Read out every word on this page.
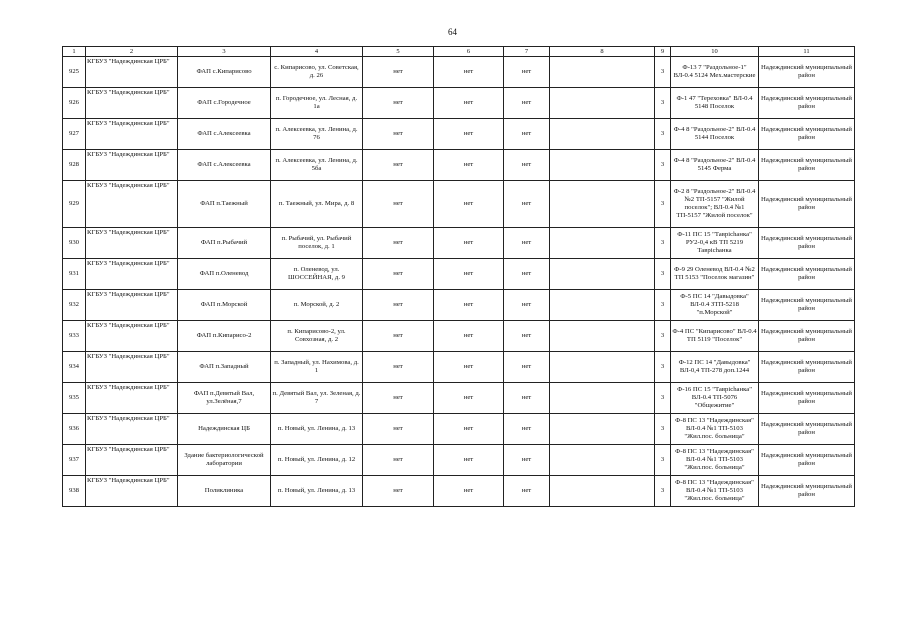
64
1	2	3	4	5	6	7	8	9	10	11
925	КГБУЗ "Надеждинская ЦРБ"	ФАП с.Кипарисово	с. Кипарисово, ул. Советская, д. 26	нет	нет	нет		3	Ф-13 7 "Раздольное-1" ВЛ-0.4 5124 Мех.мастерские	Надеждинский муниципальный район
926	КГБУЗ "Надеждинская ЦРБ"	ФАП с.Городечное	п. Городечное, ул. Лесная, д. 1а	нет	нет	нет		3	Ф-1 47 "Тереховка" ВЛ-0.4 5148 Поселок	Надеждинский муниципальный район
927	КГБУЗ "Надеждинская ЦРБ"	ФАП с.Алексеевка	п. Алексеевка, ул. Ленина, д. 76	нет	нет	нет		3	Ф-4 8 "Раздольное-2" ВЛ-0.4 5144 Поселок	Надеждинский муниципальный район
928	КГБУЗ "Надеждинская ЦРБ"	ФАП с.Алексеевка	п. Алексеевка, ул. Ленина, д. 5ба	нет	нет	нет		3	Ф-4 8 "Раздольное-2" ВЛ-0.4 5145 Ферма	Надеждинский муниципальный район
929	КГБУЗ "Надеждинская ЦРБ"	ФАП п.Таежный	п. Таежный, ул. Мира, д. 8	нет	нет	нет		3	Ф-2 8 "Раздольное-2" ВЛ-0.4 №2 ТП-5157 "Жилой поселок"; ВЛ-0.4 №1 ТП-5157 "Жилой поселок"	Надеждинский муниципальный район
930	КГБУЗ "Надеждинская ЦРБ"	ФАП п.Рыбачий	п. Рыбачий, ул. Рыбачий поселок, д. 1	нет	нет	нет		3	Ф-11 ПС 15 "Таврichанка" РУ2-0,4 кВ ТП 5219 Таврichанка	Надеждинский муниципальный район
931	КГБУЗ "Надеждинская ЦРБ"	ФАП п.Оленевод	п. Оленевод, ул. ШОССЕЙНАЯ, д. 9	нет	нет	нет		3	Ф-9 29 Оленевод ВЛ-0.4 №2 ТП 5153 "Поселок магазин"	Надеждинский муниципальный район
932	КГБУЗ "Надеждинская ЦРБ"	ФАП п.Морской	п. Морской, д. 2	нет	нет	нет		3	Ф-5 ПС 14 "Давыдовка" ВЛ-0.4 ЗТП-5218 "п.Морской"	Надеждинский муниципальный район
933	КГБУЗ "Надеждинская ЦРБ"	ФАП п.Кипарисо-2	п. Кипарисово-2, ул. Совхозная, д. 2	нет	нет	нет		3	Ф-4 ПС "Кипарисово" ВЛ-0.4 ТП 5119 "Поселок"	Надеждинский муниципальный район
934	КГБУЗ "Надеждинская ЦРБ"	ФАП п.Западный	п. Западный, ул. Нахимова, д. 1	нет	нет	нет		3	Ф-12 ПС 14 "Давыдовка" ВЛ-0,4 ТП-278 доп.1244	Надеждинский муниципальный район
935	КГБУЗ "Надеждинская ЦРБ"	ФАП п.Девятый Вал, ул.Зелёная,7	п. Девятый Вал, ул. Зеленая, д. 7	нет	нет	нет		3	Ф-16 ПС 15 "Таврichанка" ВЛ-0.4 ТП-5076 "Общежитие"	Надеждинский муниципальный район
936	КГБУЗ "Надеждинская ЦРБ"	Надеждинская ЦБ	п. Новый, ул. Ленина, д. 13	нет	нет	нет		3	Ф-8 ПС 13 "Надеждинская" ВЛ-0.4 №1 ТП-5103 "Жил.пос. больница"	Надеждинский муниципальный район
937	КГБУЗ "Надеждинская ЦРБ"	Здание бактериологической лаборатории	п. Новый, ул. Ленина, д. 12	нет	нет	нет		3	Ф-8 ПС 13 "Надеждинская" ВЛ-0.4 №1 ТП-5103 "Жил.пос. больница"	Надеждинский муниципальный район
938	КГБУЗ "Надеждинская ЦРБ"	Поликлиника	п. Новый, ул. Ленина, д. 13	нет	нет	нет		3	Ф-8 ПС 13 "Надеждинская" ВЛ-0.4 №1 ТП-5103 "Жил.пос. больница"	Надеждинский муниципальный район
